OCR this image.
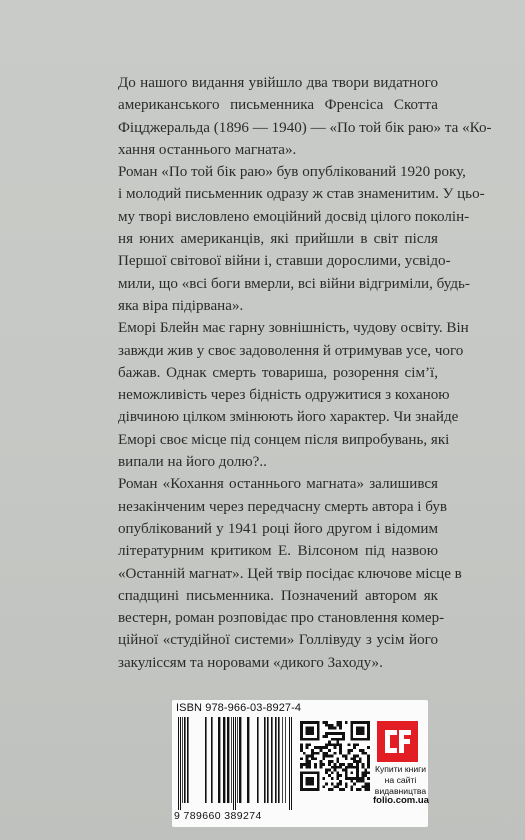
До нашого видання увійшло два твори видатного
американського письменника Френсіса Скотта
Фіцджеральда (1896 — 1940) — «По той бік раю» та «Ко-
хання останнього магната».

Роман «По той бік раю» був опублікований 1920 року,
і молодий письменник одразу ж став знаменитим. У цьо-
му творі висловлено емоційний досвід цілого поколін-
ня юних американців, які прийшли в світ після
Першої світової війни і, ставши дорослими, усвідо-
мили, що «всі боги вмерли, всі війни відгриміли, будь-
яка віра підірвана».

Еморі Блейн має гарну зовнішність, чудову освіту. Він
завжди жив у своє задоволення й отримував усе, чого
бажав. Однак смерть товариша, розорення сім’ї,
неможливість через бідність одружитися з коханою
дівчиною цілком змінюють його характер. Чи знайде
Еморі своє місце під сонцем після випробувань, які
випали на його долю?..

Роман «Кохання останнього магната» залишився
незакінченим через передчасну смерть автора і був
опублікований у 1941 році його другом і відомим
літературним критиком Е. Вілсоном під назвою
«Останній магнат». Цей твір посідає ключове місце в
спадщині письменника. Позначений автором як
вестерн, роман розповідає про становлення комер-
ційної «студійної системи» Голлівуду з усім його
закуліссям та норовами «дикого Заходу».

ISBN 978-966-03-8927-4
9 789660 389274
Купити книги
на сайті
видавництва
folio.com.ua
